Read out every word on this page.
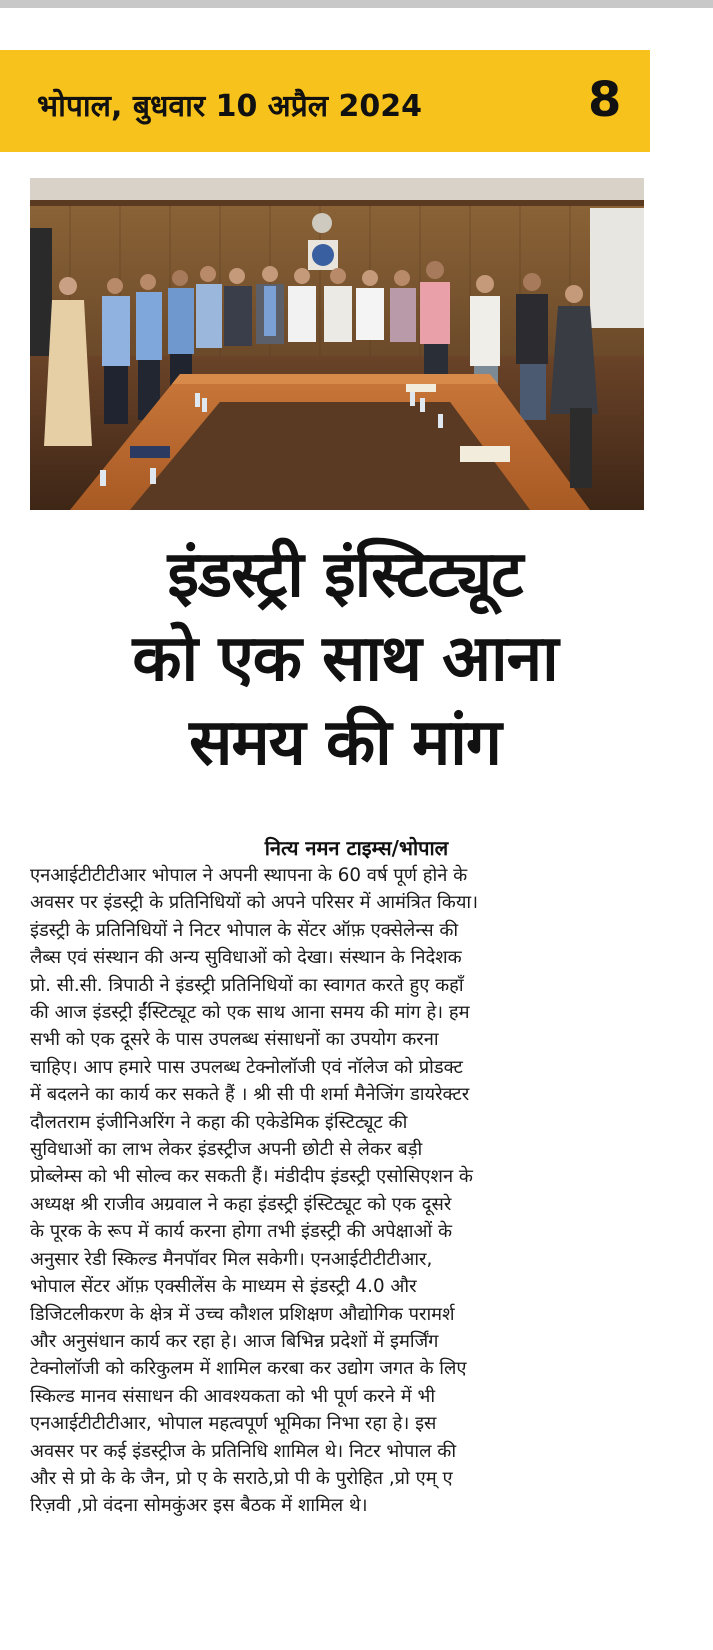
भोपाल, बुधवार 10 अप्रैल 2024	8
इंडस्ट्री इंस्टिट्यूट
को एक साथ आना
समय की मांग
नित्य नमन टाइम्स/भोपाल
एनआईटीटीटीआर भोपाल ने अपनी स्थापना के 60 वर्ष पूर्ण होने के
अवसर पर इंडस्ट्री के प्रतिनिधियों को अपने परिसर में आमंत्रित किया।
इंडस्ट्री के प्रतिनिधियों ने निटर भोपाल के सेंटर ऑफ़ एक्सेलेन्स की
लैब्स एवं संस्थान की अन्य सुविधाओं को देखा। संस्थान के निदेशक
प्रो. सी.सी. त्रिपाठी ने इंडस्ट्री प्रतिनिधियों का स्वागत करते हुए कहाँ
की आज इंडस्ट्री ईंस्टिट्यूट को एक साथ आना समय की मांग हे। हम
सभी को एक दूसरे के पास उपलब्ध संसाधनों का उपयोग करना
चाहिए। आप हमारे पास उपलब्ध टेक्नोलॉजी एवं नॉलेज को प्रोडक्ट
में बदलने का कार्य कर सकते हैं । श्री सी पी शर्मा मैनेजिंग डायरेक्टर
दौलतराम इंजीनिअरिंग ने कहा की एकेडेमिक इंस्टिट्यूट की
सुविधाओं का लाभ लेकर इंडस्ट्रीज अपनी छोटी से लेकर बड़ी
प्रोब्लेम्स को भी सोल्व कर सकती हैं। मंडीदीप इंडस्ट्री एसोसिएशन के
अध्यक्ष श्री राजीव अग्रवाल ने कहा इंडस्ट्री इंस्टिट्यूट को एक दूसरे
के पूरक के रूप में कार्य करना होगा तभी इंडस्ट्री की अपेक्षाओं के
अनुसार रेडी स्किल्ड मैनपॉवर मिल सकेगी। एनआईटीटीटीआर,
भोपाल सेंटर ऑफ़ एक्सीलेंस के माध्यम से इंडस्ट्री 4.0 और
डिजिटलीकरण के क्षेत्र में उच्च कौशल प्रशिक्षण औद्योगिक परामर्श
और अनुसंधान कार्य कर रहा हे। आज बिभिन्न प्रदेशों में इमर्जिंग
टेक्नोलॉजी को करिकुलम में शामिल करबा कर उद्योग जगत के लिए
स्किल्ड मानव संसाधन की आवश्यकता को भी पूर्ण करने में भी
एनआईटीटीटीआर, भोपाल महत्वपूर्ण भूमिका निभा रहा हे। इस
अवसर पर कई इंडस्ट्रीज के प्रतिनिधि शामिल थे। निटर भोपाल की
और से प्रो के के जैन, प्रो ए के सराठे,प्रो पी के पुरोहित ,प्रो एम् ए
रिज़वी ,प्रो वंदना सोमकुंअर इस बैठक में शामिल थे।
